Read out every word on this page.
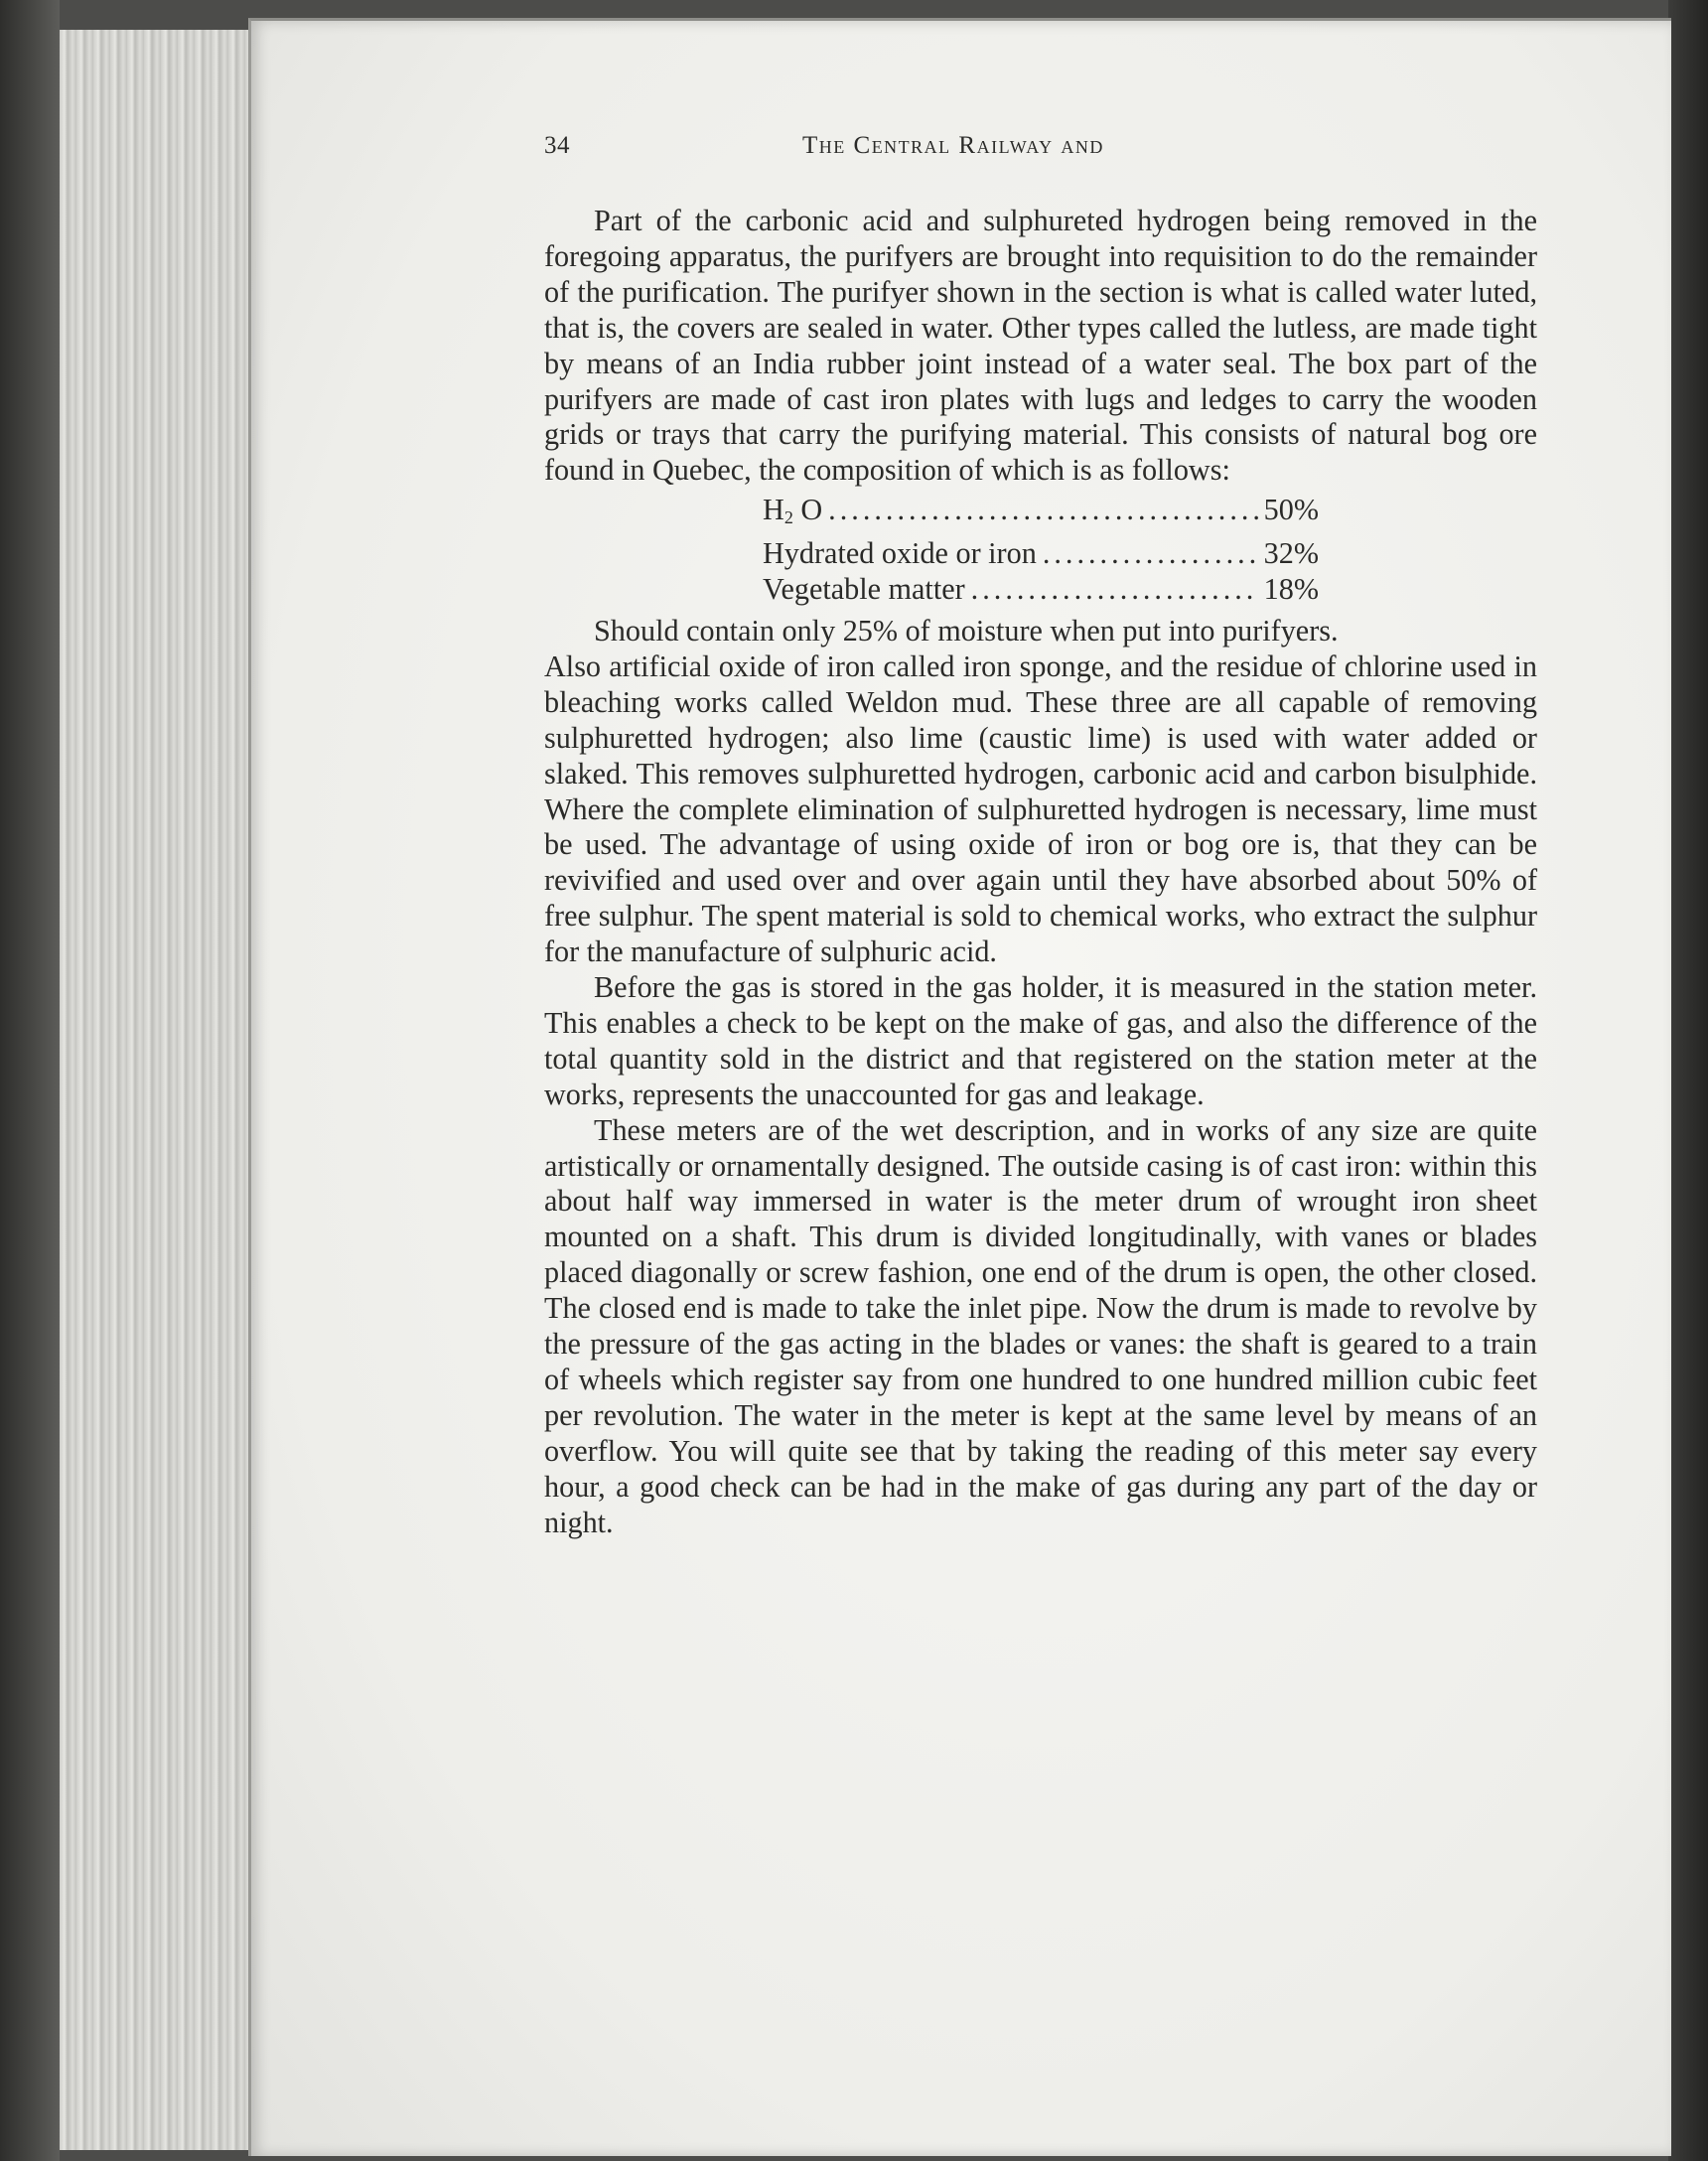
34	The Central Railway and

Part of the carbonic acid and sulphureted hydrogen being removed in the foregoing apparatus, the purifyers are brought into requisition to do the remainder of the purification. The purifyer shown in the section is what is called water luted, that is, the covers are sealed in water. Other types called the lutless, are made tight by means of an India rubber joint instead of a water seal. The box part of the purifyers are made of cast iron plates with lugs and ledges to carry the wooden grids or trays that carry the purifying material. This consists of natural bog ore found in Quebec, the composition of which is as follows:

$H_2$ O .....	50%
Hydrated oxide or iron .....	32%
Vegetable matter .....	18%

Should contain only 25% of moisture when put into purifyers.

Also artificial oxide of iron called iron sponge, and the residue of chlorine used in bleaching works called Weldon mud. These three are all capable of removing sulphuretted hydrogen; also lime (caustic lime) is used with water added or slaked. This removes sulphuretted hydrogen, carbonic acid and carbon bisulphide. Where the complete elimination of sulphuretted hydrogen is necessary, lime must be used. The advantage of using oxide of iron or bog ore is, that they can be revivified and used over and over again until they have absorbed about 50% of free sulphur. The spent material is sold to chemical works, who extract the sulphur for the manufacture of sulphuric acid.

Before the gas is stored in the gas holder, it is measured in the station meter. This enables a check to be kept on the make of gas, and also the difference of the total quantity sold in the district and that registered on the station meter at the works, represents the unaccounted for gas and leakage.

These meters are of the wet description, and in works of any size are quite artistically or ornamentally designed. The outside casing is of cast iron: within this about half way immersed in water is the meter drum of wrought iron sheet mounted on a shaft. This drum is divided longitudinally, with vanes or blades placed diagonally or screw fashion, one end of the drum is open, the other closed. The closed end is made to take the inlet pipe. Now the drum is made to revolve by the pressure of the gas acting in the blades or vanes: the shaft is geared to a train of wheels which register say from one hundred to one hundred million cubic feet per revolution. The water in the meter is kept at the same level by means of an overflow. You will quite see that by taking the reading of this meter say every hour, a good check can be had in the make of gas during any part of the day or night.
